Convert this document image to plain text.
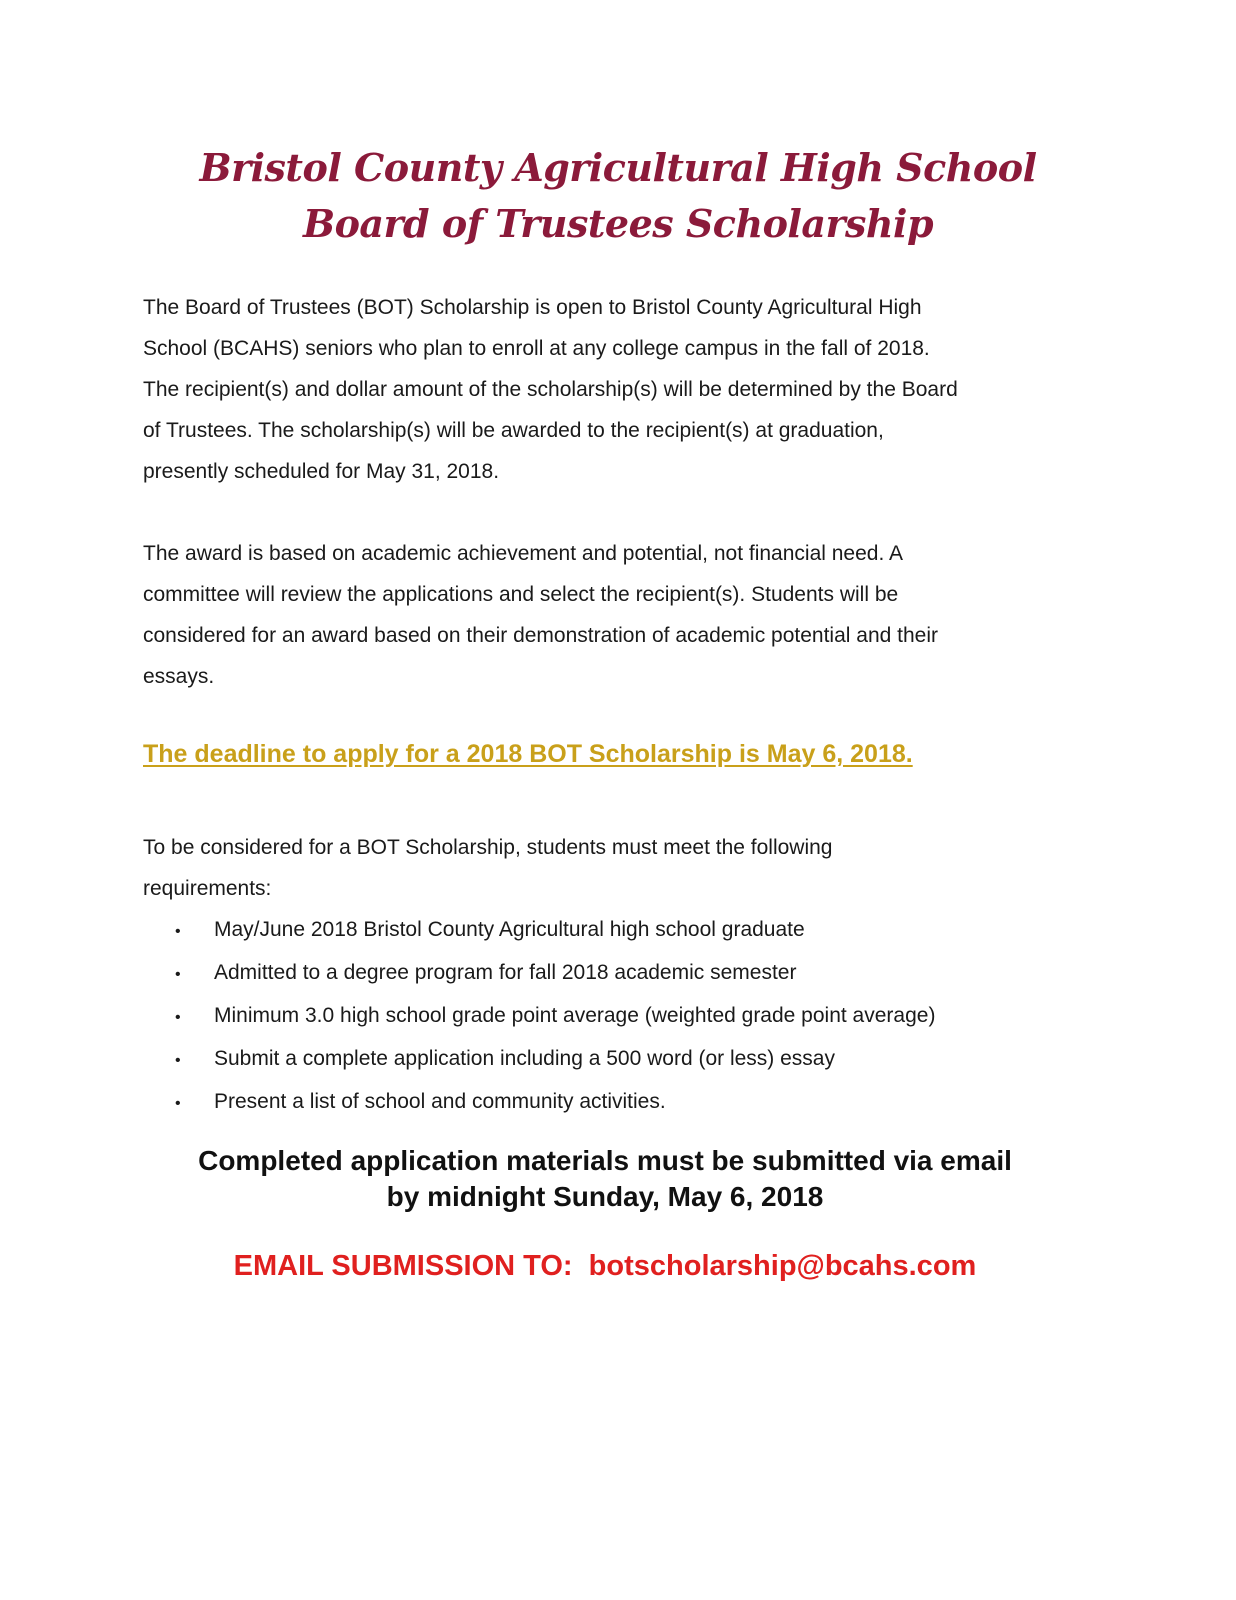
Bristol County Agricultural High School
Board of Trustees Scholarship
The Board of Trustees (BOT) Scholarship is open to Bristol County Agricultural High
School (BCAHS) seniors who plan to enroll at any college campus in the fall of 2018.
The recipient(s) and dollar amount of the scholarship(s) will be determined by the Board
of Trustees. The scholarship(s) will be awarded to the recipient(s) at graduation,
presently scheduled for May 31, 2018.
The award is based on academic achievement and potential, not financial need. A
committee will review the applications and select the recipient(s). Students will be
considered for an award based on their demonstration of academic potential and their
essays.
The deadline to apply for a 2018 BOT Scholarship is May 6, 2018.
To be considered for a BOT Scholarship, students must meet the following
requirements:
•	May/June 2018 Bristol County Agricultural high school graduate
•	Admitted to a degree program for fall 2018 academic semester
•	Minimum 3.0 high school grade point average (weighted grade point average)
•	Submit a complete application including a 500 word (or less) essay
•	Present a list of school and community activities.
Completed application materials must be submitted via email
by midnight Sunday, May 6, 2018
EMAIL SUBMISSION TO:  botscholarship@bcahs.com
